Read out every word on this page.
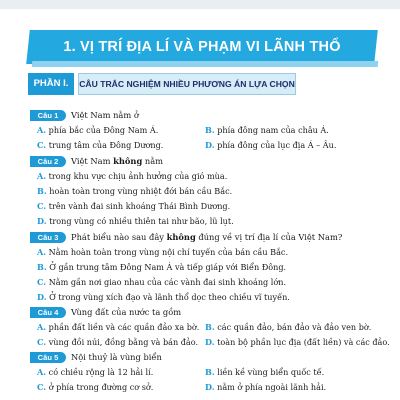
1. VỊ TRÍ ĐỊA LÍ VÀ PHẠM VI LÃNH THỔ
PHẦN I.	CÂU TRẮC NGHIỆM NHIỀU PHƯƠNG ÁN LỰA CHỌN
Câu 1	Việt Nam nằm ở
A. phía bắc của Đông Nam Á.	B. phía đông nam của châu Á.
C. trung tâm của Đông Dương.	D. phía đông của lục địa Á – Âu.
Câu 2	Việt Nam không nằm
A. trong khu vực chịu ảnh hưởng của gió mùa.
B. hoàn toàn trong vùng nhiệt đới bán cầu Bắc.
C. trên vành đai sinh khoáng Thái Bình Dương.
D. trong vùng có nhiều thiên tai như bão, lũ lụt.
Câu 3	Phát biểu nào sau đây không đúng về vị trí địa lí của Việt Nam?
A. Nằm hoàn toàn trong vùng nội chí tuyến của bán cầu Bắc.
B. Ở gần trung tâm Đông Nam Á và tiếp giáp với Biển Đông.
C. Nằm gần nơi giao nhau của các vành đai sinh khoáng lớn.
D. Ở trong vùng xích đạo và lãnh thổ dọc theo chiều vĩ tuyến.
Câu 4	Vùng đất của nước ta gồm
A. phần đất liền và các quần đảo xa bờ. B. các quần đảo, bán đảo và đảo ven bờ.
C. vùng đồi núi, đồng bằng và bán đảo. D. toàn bộ phần lục địa (đất liền) và các đảo.
Câu 5	Nội thuỷ là vùng biển
A. có chiều rộng là 12 hải lí.	B. liền kề vùng biển quốc tế.
C. ở phía trong đường cơ sở.	D. nằm ở phía ngoài lãnh hải.
